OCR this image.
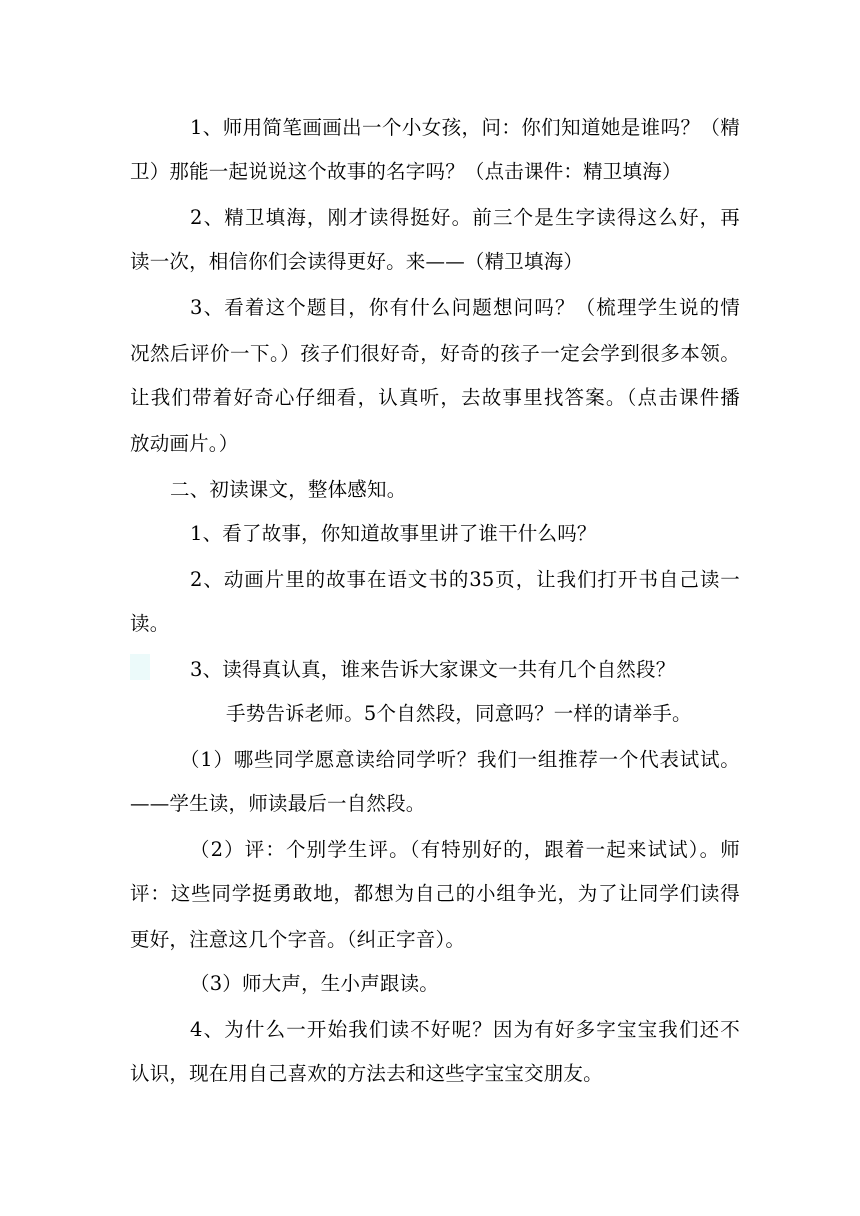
1、师用简笔画画出一个小女孩，问：你们知道她是谁吗？（精
卫）那能一起说说这个故事的名字吗？（点击课件：精卫填海）
2、精卫填海，刚才读得挺好。前三个是生字读得这么好，再
读一次，相信你们会读得更好。来——（精卫填海）
3、看着这个题目，你有什么问题想问吗？（梳理学生说的情
况然后评价一下。）孩子们很好奇，好奇的孩子一定会学到很多本领。
让我们带着好奇心仔细看，认真听，去故事里找答案。（点击课件播
放动画片。）
二、初读课文，整体感知。
1、看了故事，你知道故事里讲了谁干什么吗？
2、动画片里的故事在语文书的35页，让我们打开书自己读一
读。
3、读得真认真，谁来告诉大家课文一共有几个自然段？
手势告诉老师。5个自然段，同意吗？一样的请举手。
（1）哪些同学愿意读给同学听？我们一组推荐一个代表试试。
——学生读，师读最后一自然段。
（2）评：个别学生评。（有特别好的，跟着一起来试试）。师
评：这些同学挺勇敢地，都想为自己的小组争光，为了让同学们读得
更好，注意这几个字音。（纠正字音）。
（3）师大声，生小声跟读。
4、为什么一开始我们读不好呢？因为有好多字宝宝我们还不
认识，现在用自己喜欢的方法去和这些字宝宝交朋友。
